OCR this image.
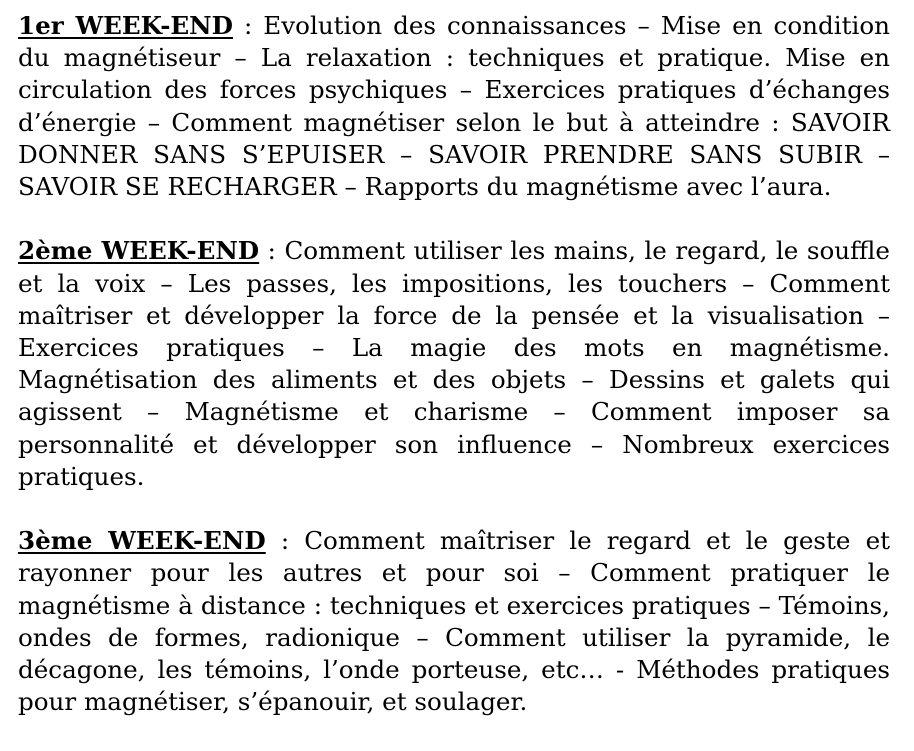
1er WEEK-END : Evolution des connaissances – Mise en condition du magnétiseur – La relaxation : techniques et pratique. Mise en circulation des forces psychiques – Exercices pratiques d’échanges d’énergie – Comment magnétiser selon le but à atteindre : SAVOIR DONNER SANS S’EPUISER – SAVOIR PRENDRE SANS SUBIR – SAVOIR SE RECHARGER – Rapports du magnétisme avec l’aura.

2ème WEEK-END : Comment utiliser les mains, le regard, le souffle et la voix – Les passes, les impositions, les touchers – Comment maîtriser et développer la force de la pensée et la visualisation – Exercices pratiques – La magie des mots en magnétisme. Magnétisation des aliments et des objets – Dessins et galets qui agissent – Magnétisme et charisme – Comment imposer sa personnalité et développer son influence – Nombreux exercices pratiques.

3ème WEEK-END : Comment maîtriser le regard et le geste et rayonner pour les autres et pour soi – Comment pratiquer le magnétisme à distance : techniques et exercices pratiques – Témoins, ondes de formes, radionique – Comment utiliser la pyramide, le décagone, les témoins, l’onde porteuse, etc… - Méthodes pratiques pour magnétiser, s’épanouir, et soulager.
